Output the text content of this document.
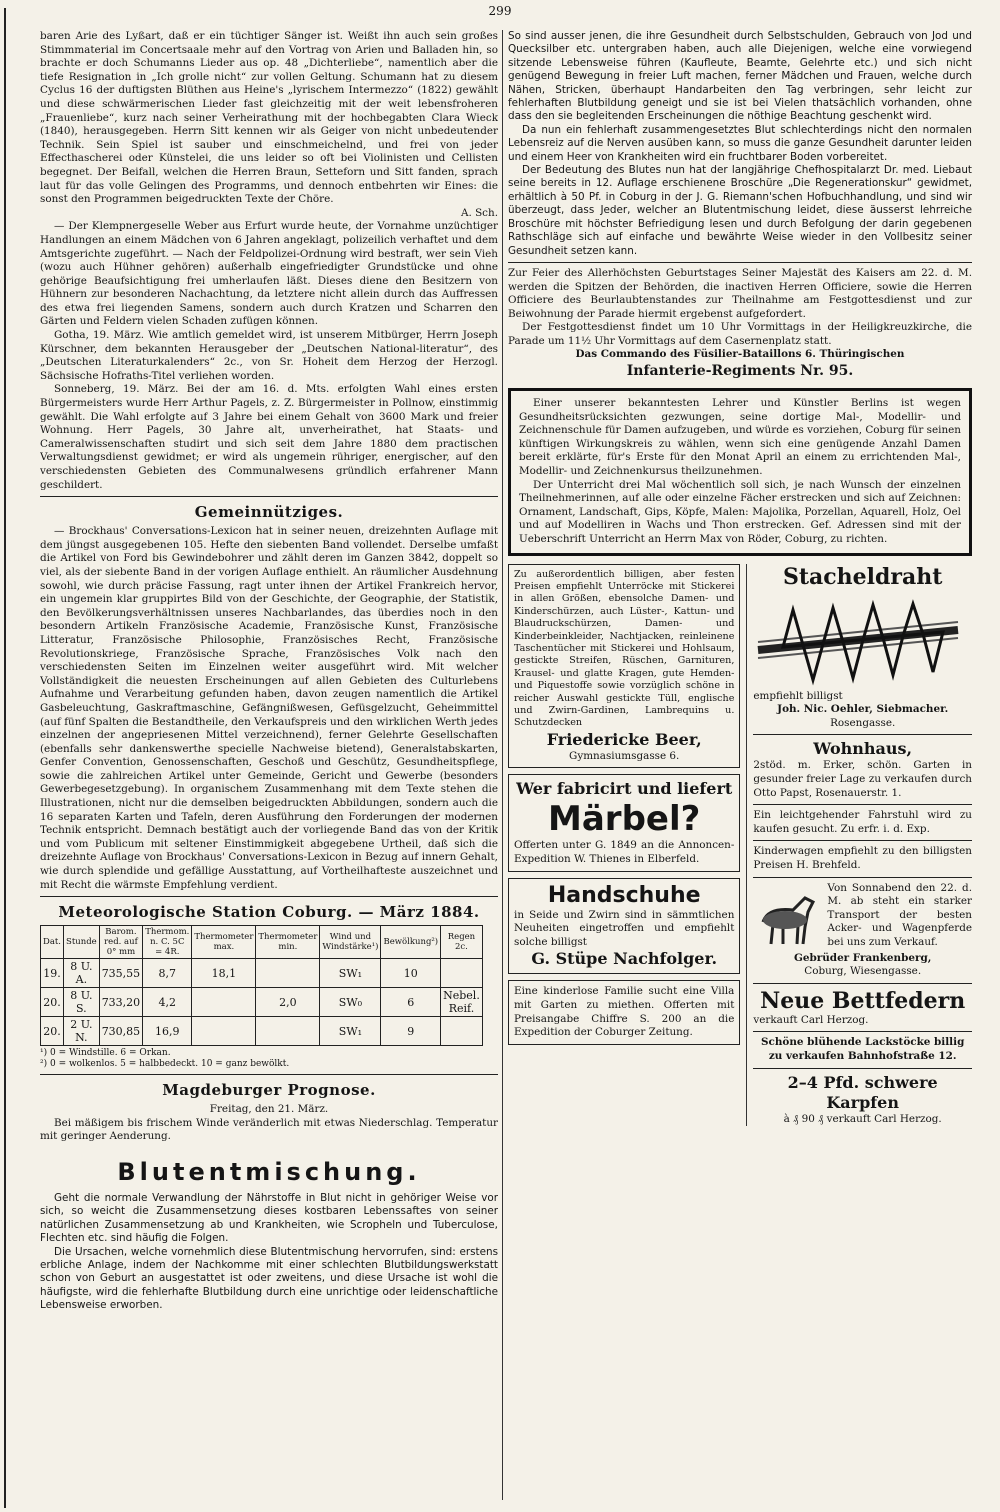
299

baren Arie des Lyßart, daß er ein tüchtiger Sänger ist. Weißt ihn auch sein großes Stimmmaterial im Concertsaale mehr auf den Vortrag von Arien und Balladen hin, so brachte er doch Schumanns Lieder aus op. 48 „Dichterliebe“, namentlich aber die tiefe Resignation in „Ich grolle nicht“ zur vollen Geltung. Schumann hat zu diesem Cyclus 16 der duftigsten Blüthen aus Heine's „lyrischem Intermezzo“ (1822) gewählt und diese schwärmerischen Lieder fast gleichzeitig mit der weit lebensfroheren „Frauenliebe“, kurz nach seiner Verheirathung mit der hochbegabten Clara Wieck (1840), herausgegeben. Herrn Sitt kennen wir als Geiger von nicht unbedeutender Technik. Sein Spiel ist sauber und einschmeichelnd, und frei von jeder Effecthascherei oder Künstelei, die uns leider so oft bei Violinisten und Cellisten begegnet. Der Beifall, welchen die Herren Braun, Setteforn und Sitt fanden, sprach laut für das volle Gelingen des Programms, und dennoch entbehrten wir Eines: die sonst den Programmen beigedruckten Texte der Chöre.

A. Sch.

— Der Klempnergeselle Weber aus Erfurt wurde heute, der Vornahme unzüchtiger Handlungen an einem Mädchen von 6 Jahren angeklagt, polizeilich verhaftet und dem Amtsgerichte zugeführt. — Nach der Feldpolizei-Ordnung wird bestraft, wer sein Vieh (wozu auch Hühner gehören) außerhalb eingefriedigter Grundstücke und ohne gehörige Beaufsichtigung frei umherlaufen läßt. Dieses diene den Besitzern von Hühnern zur besonderen Nachachtung, da letztere nicht allein durch das Auffressen des etwa frei liegenden Samens, sondern auch durch Kratzen und Scharren den Gärten und Feldern vielen Schaden zufügen können.

Gotha, 19. März. Wie amtlich gemeldet wird, ist unserem Mitbürger, Herrn Joseph Kürschner, dem bekannten Herausgeber der „Deutschen National-literatur“, des „Deutschen Literaturkalenders“ 2c., von Sr. Hoheit dem Herzog der Herzogl. Sächsische Hofraths-Titel verliehen worden.

Sonneberg, 19. März. Bei der am 16. d. Mts. erfolgten Wahl eines ersten Bürgermeisters wurde Herr Arthur Pagels, z. Z. Bürgermeister in Pollnow, einstimmig gewählt. Die Wahl erfolgte auf 3 Jahre bei einem Gehalt von 3600 Mark und freier Wohnung. Herr Pagels, 30 Jahre alt, unverheirathet, hat Staats- und Cameralwissenschaften studirt und sich seit dem Jahre 1880 dem practischen Verwaltungsdienst gewidmet; er wird als ungemein rühriger, energischer, auf den verschiedensten Gebieten des Communalwesens gründlich erfahrener Mann geschildert.

Gemeinnütziges.

— Brockhaus' Conversations-Lexicon hat in seiner neuen, dreizehnten Auflage mit dem jüngst ausgegebenen 105. Hefte den siebenten Band vollendet. Derselbe umfaßt die Artikel von Ford bis Gewindebohrer und zählt deren im Ganzen 3842, doppelt so viel, als der siebente Band in der vorigen Auflage enthielt. An räumlicher Ausdehnung sowohl, wie durch präcise Fassung, ragt unter ihnen der Artikel Frankreich hervor, ein ungemein klar gruppirtes Bild von der Geschichte, der Geographie, der Statistik, den Bevölkerungsverhältnissen unseres Nachbarlandes, das überdies noch in den besondern Artikeln Französische Academie, Französische Kunst, Französische Litteratur, Französische Philosophie, Französisches Recht, Französische Revolutionskriege, Französische Sprache, Französisches Volk nach den verschiedensten Seiten im Einzelnen weiter ausgeführt wird. Mit welcher Vollständigkeit die neuesten Erscheinungen auf allen Gebieten des Culturlebens Aufnahme und Verarbeitung gefunden haben, davon zeugen namentlich die Artikel Gasbeleuchtung, Gaskraftmaschine, Gefängnißwesen, Gefüsgelzucht, Geheimmittel (auf fünf Spalten die Bestandtheile, den Verkaufspreis und den wirklichen Werth jedes einzelnen der angepriesenen Mittel verzeichnend), ferner Gelehrte Gesellschaften (ebenfalls sehr dankenswerthe specielle Nachweise bietend), Generalstabskarten, Genfer Convention, Genossenschaften, Geschoß und Geschütz, Gesundheitspflege, sowie die zahlreichen Artikel unter Gemeinde, Gericht und Gewerbe (besonders Gewerbegesetzgebung). In organischem Zusammenhang mit dem Texte stehen die Illustrationen, nicht nur die demselben beigedruckten Abbildungen, sondern auch die 16 separaten Karten und Tafeln, deren Ausführung den Forderungen der modernen Technik entspricht. Demnach bestätigt auch der vorliegende Band das von der Kritik und vom Publicum mit seltener Einstimmigkeit abgegebene Urtheil, daß sich die dreizehnte Auflage von Brockhaus' Conversations-Lexicon in Bezug auf innern Gehalt, wie durch splendide und gefällige Ausstattung, auf Vortheilhafteste auszeichnet und mit Recht die wärmste Empfehlung verdient.

Meteorologische Station Coburg. — März 1884.
Dat.	Stunde	Barom. red. auf 0° mm	Thermom. n. C. 5C = 4R.	Thermometer max.	Thermometer min.	Wind und Windstärke¹)	Bewölkung²)	Regen 2c.
19.	8 U. A.	735,55	8,7	18,1		SW₁	10	
20.	8 U. S.	733,20	4,2		2,0	SW₀	6	Nebel. Reif.
20.	2 U. N.	730,85	16,9			SW₁	9	
¹) 0 = Windstille. 6 = Orkan.
²) 0 = wolkenlos. 5 = halbbedeckt. 10 = ganz bewölkt.
Magdeburger Prognose.

Freitag, den 21. März.

Bei mäßigem bis frischem Winde veränderlich mit etwas Niederschlag. Temperatur mit geringer Aenderung.

Blutentmischung.

Geht die normale Verwandlung der Nährstoffe in Blut nicht in gehöriger Weise vor sich, so weicht die Zusammensetzung dieses kostbaren Lebenssaftes von seiner natürlichen Zusammensetzung ab und Krankheiten, wie Scropheln und Tuberculose, Flechten etc. sind häufig die Folgen.

Die Ursachen, welche vornehmlich diese Blutentmischung hervorrufen, sind: erstens erbliche Anlage, indem der Nachkomme mit einer schlechten Blutbildungswerkstatt schon von Geburt an ausgestattet ist oder zweitens, und diese Ursache ist wohl die häufigste, wird die fehlerhafte Blutbildung durch eine unrichtige oder leidenschaftliche Lebensweise erworben.

So sind ausser jenen, die ihre Gesundheit durch Selbstschulden, Gebrauch von Jod und Quecksilber etc. untergraben haben, auch alle Diejenigen, welche eine vorwiegend sitzende Lebensweise führen (Kaufleute, Beamte, Gelehrte etc.) und sich nicht genügend Bewegung in freier Luft machen, ferner Mädchen und Frauen, welche durch Nähen, Stricken, überhaupt Handarbeiten den Tag verbringen, sehr leicht zur fehlerhaften Blutbildung geneigt und sie ist bei Vielen thatsächlich vorhanden, ohne dass den sie begleitenden Erscheinungen die nöthige Beachtung geschenkt wird.

Da nun ein fehlerhaft zusammengesetztes Blut schlechterdings nicht den normalen Lebensreiz auf die Nerven ausüben kann, so muss die ganze Gesundheit darunter leiden und einem Heer von Krankheiten wird ein fruchtbarer Boden vorbereitet.

Der Bedeutung des Blutes nun hat der langjährige Chefhospitalarzt Dr. med. Liebaut seine bereits in 12. Auflage erschienene Broschüre „Die Regenerationskur“ gewidmet, erhältlich à 50 Pf. in Coburg in der J. G. Riemann'schen Hofbuchhandlung, und sind wir überzeugt, dass Jeder, welcher an Blutentmischung leidet, diese äusserst lehrreiche Broschüre mit höchster Befriedigung lesen und durch Befolgung der darin gegebenen Rathschläge sich auf einfache und bewährte Weise wieder in den Vollbesitz seiner Gesundheit setzen kann.

Zur Feier des Allerhöchsten Geburtstages Seiner Majestät des Kaisers am 22. d. M. werden die Spitzen der Behörden, die inactiven Herren Officiere, sowie die Herren Officiere des Beurlaubtenstandes zur Theilnahme am Festgottesdienst und zur Beiwohnung der Parade hiermit ergebenst aufgefordert.

Der Festgottesdienst findet um 10 Uhr Vormittags in der Heiligkreuzkirche, die Parade um 11½ Uhr Vormittags auf dem Casernenplatz statt.

Das Commando des Füsilier-Bataillons 6. Thüringischen

Infanterie-Regiments Nr. 95.

Einer unserer bekanntesten Lehrer und Künstler Berlins ist wegen Gesundheitsrücksichten gezwungen, seine dortige Mal-, Modellir- und Zeichnenschule für Damen aufzugeben, und würde es vorziehen, Coburg für seinen künftigen Wirkungskreis zu wählen, wenn sich eine genügende Anzahl Damen bereit erklärte, für's Erste für den Monat April an einem zu errichtenden Mal-, Modellir- und Zeichnenkursus theilzunehmen.

Der Unterricht drei Mal wöchentlich soll sich, je nach Wunsch der einzelnen Theilnehmerinnen, auf alle oder einzelne Fächer erstrecken und sich auf Zeichnen: Ornament, Landschaft, Gips, Köpfe, Malen: Majolika, Porzellan, Aquarell, Holz, Oel und auf Modelliren in Wachs und Thon erstrecken. Gef. Adressen sind mit der Ueberschrift Unterricht an Herrn Max von Röder, Coburg, zu richten.

Zu außerordentlich billigen, aber festen Preisen empfiehlt Unterröcke mit Stickerei in allen Größen, ebensolche Damen- und Kinderschürzen, auch Lüster-, Kattun- und Blaudruckschürzen, Damen- und Kinderbeinkleider, Nachtjacken, reinleinene Taschentücher mit Stickerei und Hohlsaum, gestickte Streifen, Rüschen, Garnituren, Krausel- und glatte Kragen, gute Hemden- und Piquestoffe sowie vorzüglich schöne in reicher Auswahl gestickte Tüll, englische und Zwirn-Gardinen, Lambrequins u. Schutzdecken

Friedericke Beer,

Gymnasiumsgasse 6.

Wer fabricirt und liefert
Märbel?

Offerten unter G. 1849 an die Annoncen-Expedition W. Thienes in Elberfeld.

Handschuhe

in Seide und Zwirn sind in sämmtlichen Neuheiten eingetroffen und empfiehlt solche billigst

G. Stüpe Nachfolger.

Eine kinderlose Familie sucht eine Villa mit Garten zu miethen. Offerten mit Preisangabe Chiffre S. 200 an die Expedition der Coburger Zeitung.

Stacheldraht

empfiehlt billigst

Joh. Nic. Oehler, Siebmacher.

Rosengasse.

Wohnhaus,

2stöd. m. Erker, schön. Garten in gesunder freier Lage zu verkaufen durch Otto Papst, Rosenauerstr. 1.

Ein leichtgehender Fahrstuhl wird zu kaufen gesucht. Zu erfr. i. d. Exp.

Kinderwagen empfiehlt zu den billigsten Preisen H. Brehfeld.

Von Sonnabend den 22. d. M. ab steht ein starker Transport der besten Acker- und Wagenpferde bei uns zum Verkauf.

Gebrüder Frankenberg,

Coburg, Wiesengasse.

Neue Bettfedern

verkauft Carl Herzog.

Schöne blühende Lackstöcke billig zu verkaufen Bahnhofstraße 12.

2–4 Pfd. schwere Karpfen

à ₰ 90 ₰ verkauft Carl Herzog.
